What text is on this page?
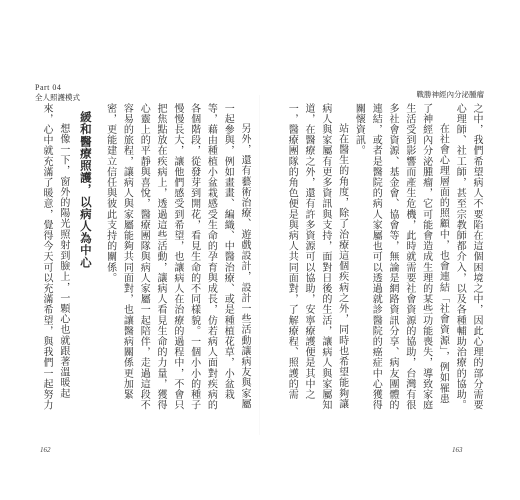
Part 04
全人照護模式	戰勝神經內分泌腫瘤

之中，我們希望病人不要陷在這個困境之中，因此心理的部分需要心理師、社工師，甚至宗教師都介入，以及各種輔助治療的協助。

在社會心理層面的照顧中，也會連結「社會資源」，例如罹患了神經內分泌腫瘤，它可能會造成生理的某些功能喪失，導致家庭生活受到影響而產生危機，此時就需要社會資源的協助，台灣有很多社會資源、基金會、協會等，無論是網路資訊分享、病友團體的連結，或者是醫院的病人家屬也可以透過就診醫院的癌症中心獲得關懷資訊。

站在醫生的角度，除了治療這個疾病之外，同時也希望能夠讓病人與家屬有更多資訊與支持，面對日後的生活，讓病人與家屬知道，在醫療之外，還有許多資源可以協助，安寧療護便是其中之一，醫療團隊的角色便是與病人共同面對，了解療程、照護的需

另外，還有藝術治療、遊戲設計，設計一些活動讓病友與家屬一起參與，例如畫畫、編織、中醫治療、或是種植花草，小盆栽等，藉由種植小盆栽感受生命的孕育與成長，仿若病人面對疾病的各個階段，從發芽到開花，看見生命的不同樣貌。一個小小的種子慢慢長大，讓他們感受到希望，也讓病人在治療的過程中，不會只把焦點放在疾病上，透過這些活動，讓病人看見生命的力量，獲得心靈上的平靜與喜悅，醫療團隊與病人家屬一起陪伴，走過這段不容易的旅程，讓病人與家屬能夠共同面對，也讓醫病關係更加緊密，更能建立信任與彼此支持的關係。

緩和醫療照護，以病人為中心

想像一下，窗外的陽光照射到臉上，一顆心也就跟著溫暖起來，心中就充滿了暖意，覺得今天可以充滿希望，與我們一起努力

162	163
